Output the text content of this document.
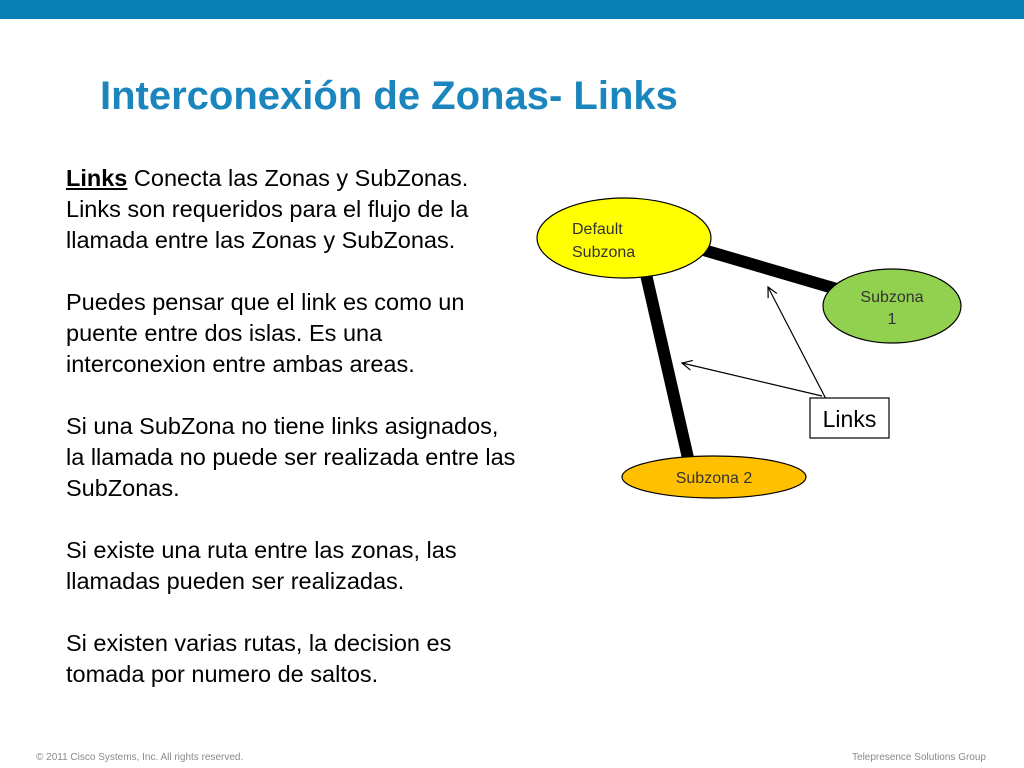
Interconexión de Zonas- Links

Links Conecta las Zonas y SubZonas. Links son requeridos para el flujo de la llamada entre las Zonas y SubZonas.

Puedes pensar que el link es como un puente entre dos islas. Es una interconexion entre ambas areas.

Si una SubZona no tiene links asignados, la llamada no puede ser realizada entre las SubZonas.

Si existe una ruta entre las zonas, las llamadas pueden ser realizadas.

Si existen varias rutas, la decision es tomada por numero de saltos.

Default
Subzona
Subzona
1
Subzona 2
Links
© 2011 Cisco Systems, Inc. All rights reserved.	Telepresence Solutions Group
